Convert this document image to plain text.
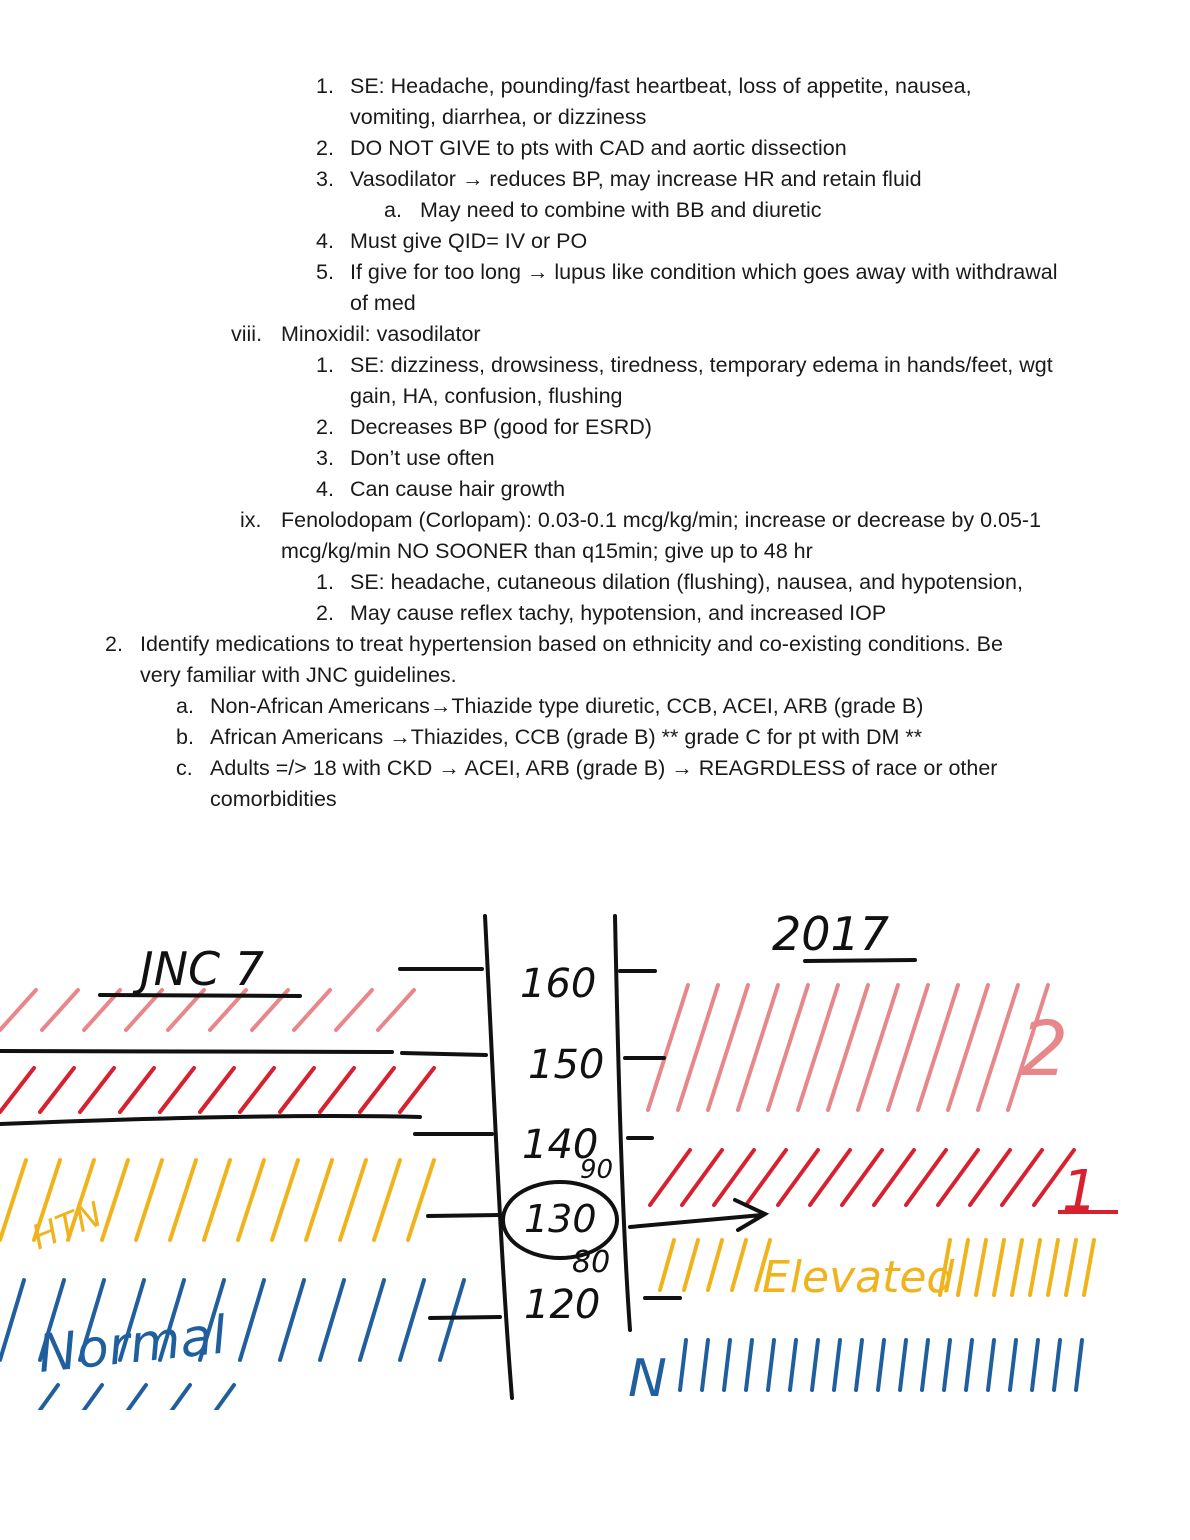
1. SE: Headache, pounding/fast heartbeat, loss of appetite, nausea,
vomiting, diarrhea, or dizziness
2. DO NOT GIVE to pts with CAD and aortic dissection
3. Vasodilator → reduces BP, may increase HR and retain fluid
a. May need to combine with BB and diuretic
4. Must give QID= IV or PO
5. If give for too long → lupus like condition which goes away with withdrawal
of med
viii. Minoxidil: vasodilator
1. SE: dizziness, drowsiness, tiredness, temporary edema in hands/feet, wgt
gain, HA, confusion, flushing
2. Decreases BP (good for ESRD)
3. Don’t use often
4. Can cause hair growth
ix. Fenolodopam (Corlopam): 0.03-0.1 mcg/kg/min; increase or decrease by 0.05-1
mcg/kg/min NO SOONER than q15min; give up to 48 hr
1. SE: headache, cutaneous dilation (flushing), nausea, and hypotension,
2. May cause reflex tachy, hypotension, and increased IOP
2. Identify medications to treat hypertension based on ethnicity and co-existing conditions. Be
very familiar with JNC guidelines.
a. Non-African Americans→Thiazide type diuretic, CCB, ACEI, ARB (grade B)
b. African Americans →Thiazides, CCB (grade B) ** grade C for pt with DM **
c. Adults =/> 18 with CKD → ACEI, ARB (grade B) → REAGRDLESS of race or other
comorbidities
JNC 7
2017
160
150
140
90
130
80
120
HTN
Normal
2
1
Elevated
N
